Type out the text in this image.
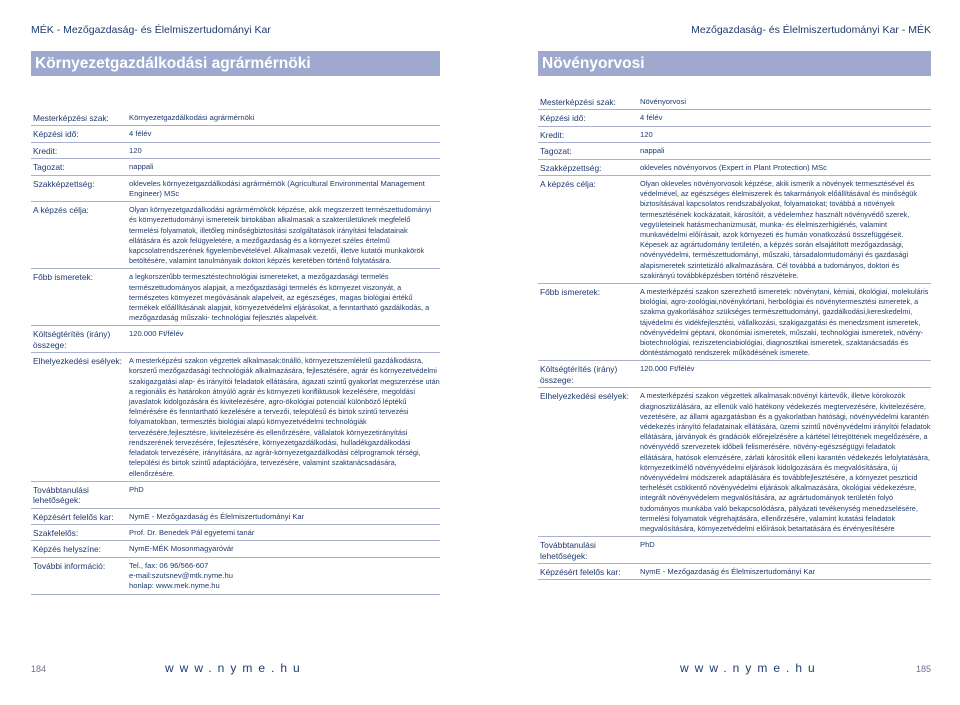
MÉK - Mezőgazdaság- és Élelmiszertudományi Kar	Mezőgazdaság- és Élelmiszertudományi Kar - MÉK
Környezetgazdálkodási agrármérnöki	Növényorvosi
Mesterképzési szak:	Környezetgazdálkodási agrármérnöki
Képzési idő:	4 félév
Kredit:	120
Tagozat:	nappali
Szakképzettség:	okleveles környezetgazdálkodási agrármérnök (Agricultural Environmental Management Engineer) MSc
A képzés célja:	Olyan környezetgazdálkodási agrármérnökök képzése, akik megszerzett természettudományi és környezettudományi ismereteik birtokában alkalmasak a szakterületüknek megfelelő termelési folyamatok, illetőleg minőségbiztosítási szolgáltatások irányítási feladatainak ellátására és azok felügyeletére, a mezőgazdaság és a környezet széles értelmű kapcsolatrendszerének figyelembevételével. Alkalmasak vezetői, illetve kutatói munkakörök betöltésére, valamint tanulmányaik doktori képzés keretében történő folytatására.
Főbb ismeretek:	a legkorszerűbb termesztéstechnológiai ismereteket, a mezőgazdasági termelés természettudományos alapjait, a mezőgazdasági termelés és környezet viszonyát, a természetes környezet megóvásának alapelveit, az egészséges, magas biológiai értékű termékek előállításának alapjait, környezetvédelmi eljárásokat, a fenntartható gazdálkodás, a mezőgazdaság műszaki- technológiai fejlesztés alapelvéit.
Költségtérítés (irány) összege:
120.000 Ft/félév
Elhelyezkedési esélyek: A mesterképzési szakon végzettek alkalmasak:önálló, környezetszemléletű gazdálkodásra, korszerű mezőgazdasági technológiák alkalmazására, fejlesztésére, agrár és környezetvédelmi szakigazgatási alap- és irányítói feladatok ellátására, ágazati szintű gyakorlat megszerzése után a regionális és határokon átnyúló agrár és környezeti konfliktusok kezelésére, megoldási javaslatok kidolgozására és kivitelezésére, agro-ökológiai potenciál különböző léptékű felmérésére és fenntartható kezelésére a tervezői, településű és birtok szintű tervezési folyamatokban, termesztés biológiai alapú környezetvédelmi technológiák tervezésére,fejlesztésre, kivitelezésére és ellenőrzésére, vállalatok környezetirányítási rendszerének tervezésére, fejlesztésére, környezetgazdálkodási, hulladékgazdálkodási feladatok tervezésére, irányítására, az agrár-környezetgazdálkodási célprogramok térségi, települési és birtok szintű adaptációjára, tervezésére, valamint szaktanácsadására, ellenőrzésére.
Továbbtanulási lehetőségek:
PhD
Képzésért felelős kar:	NymE - Mezőgazdaság és Élelmiszertudományi Kar
Szakfelelős:	Prof. Dr. Benedek Pál egyetemi tanár
Képzés helyszíne:	NymE-MÉK Mosonmagyaróvár
További információ:	Tel., fax: 06 96/566-607
e-mail:szutsnev@mtk.nyme.hu
honlap: www.mek.nyme.hu
Mesterképzési szak:	Növényorvosi
Képzési idő:	4 félév
Kredit:	120
Tagozat:	nappali
Szakképzettség:	okleveles növényorvos (Expert in Plant Protection) MSc
A képzés célja:	Olyan okleveles növényorvosok képzése, akik ismerik a növények termesztésével és védelmével, az egészséges élelmiszerek és takarmányok előállításával és minőségük biztosításával kapcsolatos rendszabályokat, folyamatokat; továbbá a növények termesztésének kockázatait, károsítóit, a védelemhez használt növényvédő szerek, vegyületeinek hatásmechanizmusát, munka- és élelmiszerhigiénés, valamint munkavédelmi előírásait, azok környezeti és humán vonatkozású összefüggéseit. Képesek az agrártudomány területén, a képzés során elsajátított mezőgazdasági, növényvédelmi, természettudományi, műszaki, társadalomtudományi és gazdasági alapismeretek szintetizáló alkalmazására. Cél továbbá a tudományos, doktori és szakirányú továbbképzésben történő részvételre.
Főbb ismeretek:	A mesterképzési szakon szerezhető ismeretek: növénytani, kémiai, ökológiai, molekuláris biológiai, agro-zoológiai,növénykórtani, herbológiai és növénytermesztési ismeretek, a szakma gyakorlásához szükséges természettudományi, gazdálkodási,kereskedelmi, tájvédelmi és vidékfejlesztési, vállalkozási, szakigazgatási és menedzsment ismeretek, növényvédelmi géptani, ökonómiai ismeretek, műszaki, technológiai ismeretek, növény-biotechnológiai, reziszetenciabiológiai, diagnosztikai ismeretek, szaktanácsadás és döntéstámogató rendszerek működésének ismerete.
Költségtérítés (irány) összege:
120.000 Ft/félév
Elhelyezkedési esélyek:	A mesterképzési szakon végzettek alkalmasak:növényi kártevők, illetve kórokozók diagnosztizálására, az ellenük való hatékony védekezés megtervezésére, kivitelezésére, vezetésére, az állami agazgatásban és a gyakorlatban hatósági, növényvédelmi karantén védekezés irányító feladatainak ellátására, üzemi szintű növényvédelmi irányítói feladatok ellátására, járványok és gradációk előrejelzésére a kártétel létrejöttének megelőzésére, a növényvédő szervezetek időbeli felismerésére. növény-egészségügyi feladatok ellátására, hatósok elemzésére, zárlati károsítók elleni karantén védekezés lefolytatására, környezetkímélő növényvédelmi eljárások kidolgozására és megvalósítására, új növényvédelmi módszerek adaptálására és továbbfejlesztésére, a környezet peszticid terhelését csökkentő növényvédelmi eljárások alkalmazására, ökológiai védekezésre, integrált növényvédelem megvalósítására, az agrártudományok területén folyó tudományos munkába való bekapcsolódásra, pályázati tevékenység menedzselésére, termelési folyamatok végrehajtására, ellenőrzésére, valamint kutatási feladatok megvalósítására, környezetvédelmi előírások betartatására és érvényesítésére
Továbbtanulási lehetőségek:
PhD
Képzésért felelős kar:	NymE - Mezőgazdaság és Élelmiszertudományi Kar
184	www.nyme.hu	www.nyme.hu	185
